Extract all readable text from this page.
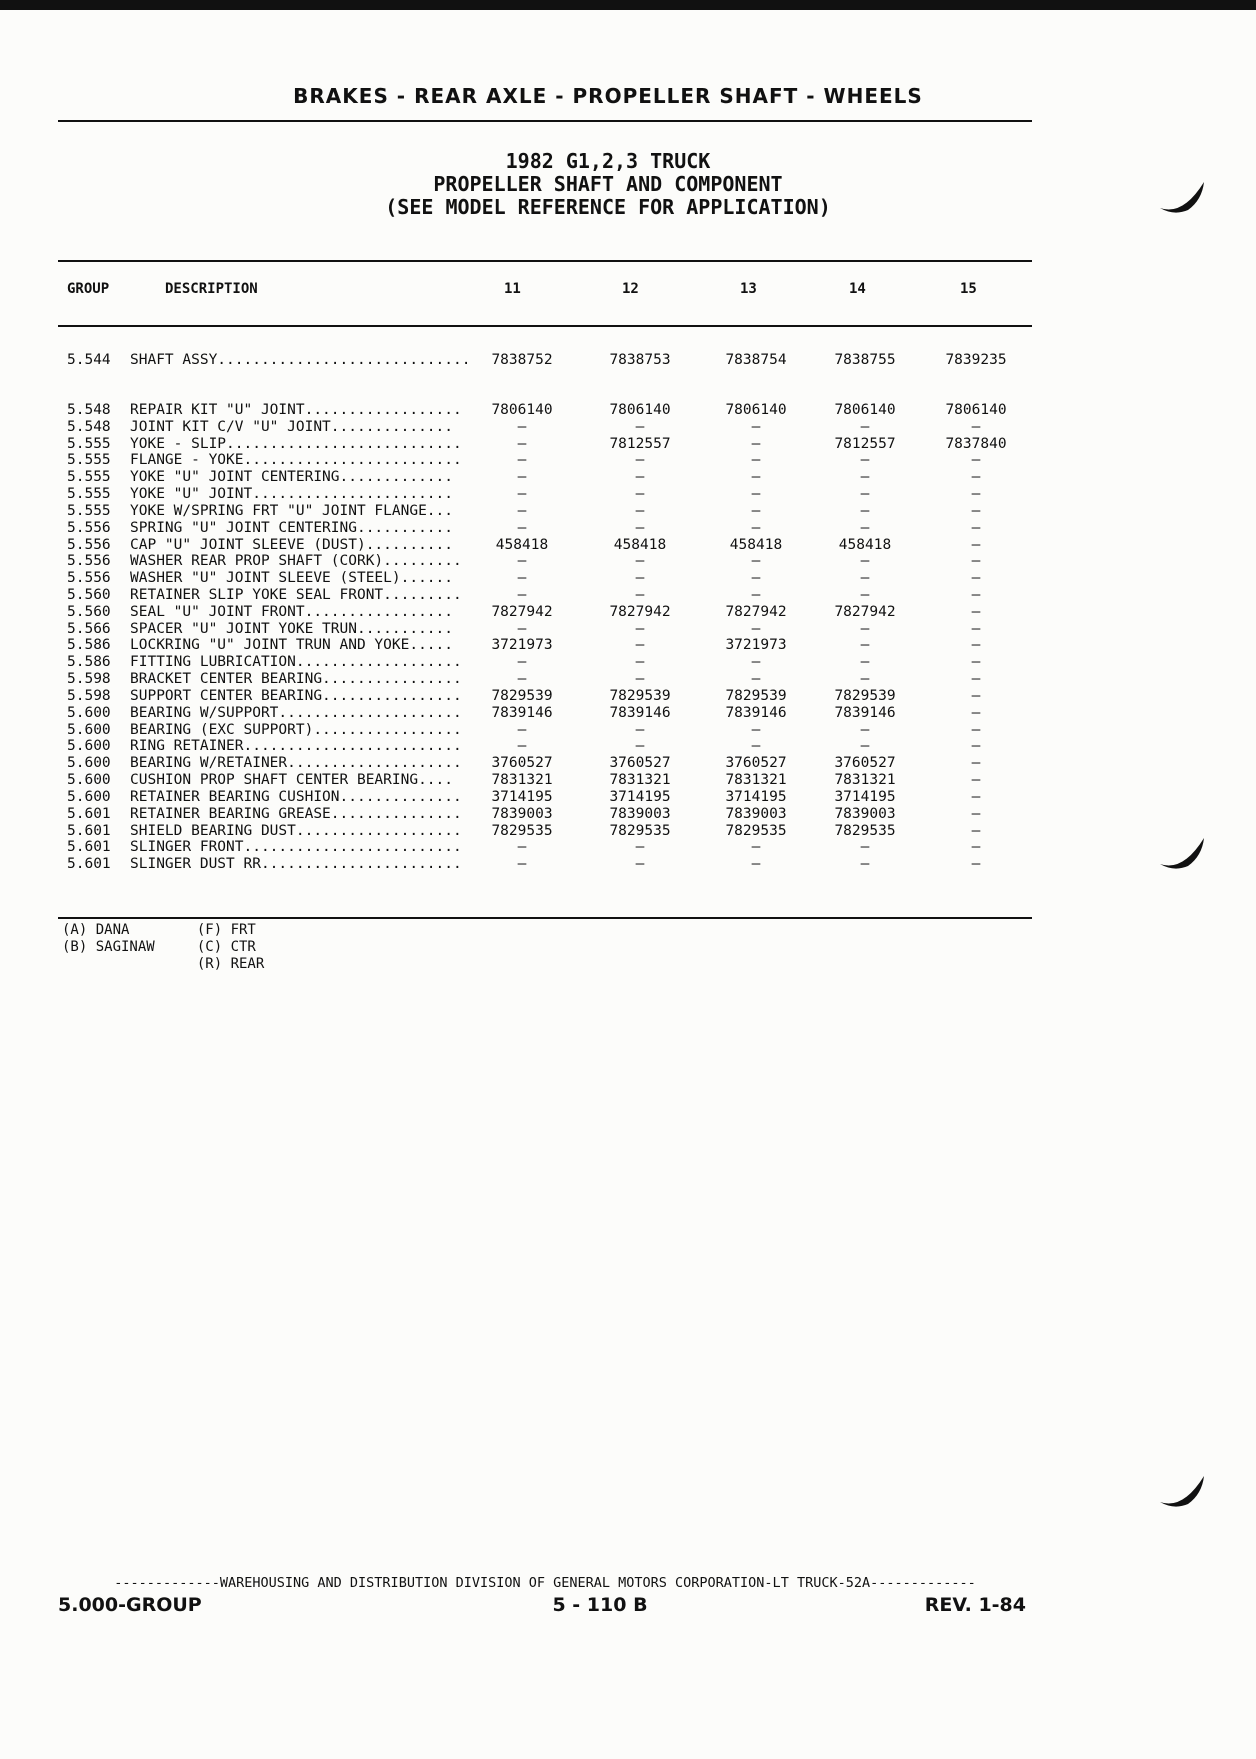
BRAKES - REAR AXLE - PROPELLER SHAFT - WHEELS
1982 G1,2,3 TRUCK
PROPELLER SHAFT AND COMPONENT
(SEE MODEL REFERENCE FOR APPLICATION)
GROUP	DESCRIPTION	11	12	13	14	15
5.544 SHAFT ASSY.............................	7838752	7838753	7838754	7838755	7839235
5.548 REPAIR KIT "U" JOINT..................	7806140	7806140	7806140	7806140	7806140
5.548 JOINT KIT C/V "U" JOINT..............	—	—	—	—	—
5.555 YOKE - SLIP...........................	—	7812557	—	7812557	7837840
5.555 FLANGE - YOKE.........................	—	—	—	—	—
5.555 YOKE "U" JOINT CENTERING.............	—	—	—	—	—
5.555 YOKE "U" JOINT.......................	—	—	—	—	—
5.555 YOKE W/SPRING FRT "U" JOINT FLANGE...	—	—	—	—	—
5.556 SPRING "U" JOINT CENTERING...........	—	—	—	—	—
5.556 CAP "U" JOINT SLEEVE (DUST)..........	458418	458418	458418	458418	—
5.556 WASHER REAR PROP SHAFT (CORK).........	—	—	—	—	—
5.556 WASHER "U" JOINT SLEEVE (STEEL)......	—	—	—	—	—
5.560 RETAINER SLIP YOKE SEAL FRONT.........	—	—	—	—	—
5.560 SEAL "U" JOINT FRONT.................	7827942	7827942	7827942	7827942	—
5.566 SPACER "U" JOINT YOKE TRUN...........	—	—	—	—	—
5.586 LOCKRING "U" JOINT TRUN AND YOKE.....	3721973	—	3721973	—	—
5.586 FITTING LUBRICATION...................	—	—	—	—	—
5.598 BRACKET CENTER BEARING................	—	—	—	—	—
5.598 SUPPORT CENTER BEARING................	7829539	7829539	7829539	7829539	—
5.600 BEARING W/SUPPORT.....................	7839146	7839146	7839146	7839146	—
5.600 BEARING (EXC SUPPORT).................	—	—	—	—	—
5.600 RING RETAINER.........................	—	—	—	—	—
5.600 BEARING W/RETAINER....................	3760527	3760527	3760527	3760527	—
5.600 CUSHION PROP SHAFT CENTER BEARING....	7831321	7831321	7831321	7831321	—
5.600 RETAINER BEARING CUSHION..............	3714195	3714195	3714195	3714195	—
5.601 RETAINER BEARING GREASE...............	7839003	7839003	7839003	7839003	—
5.601 SHIELD BEARING DUST...................	7829535	7829535	7829535	7829535	—
5.601 SLINGER FRONT.........................	—	—	—	—	—
5.601 SLINGER DUST RR.......................	—	—	—	—	—
(A) DANA        (F) FRT
(B) SAGINAW     (C) CTR
(R) REAR
-------------WAREHOUSING AND DISTRIBUTION DIVISION OF GENERAL MOTORS CORPORATION-LT TRUCK-52A-------------
5.000-GROUP	5 - 110 B	REV. 1-84
